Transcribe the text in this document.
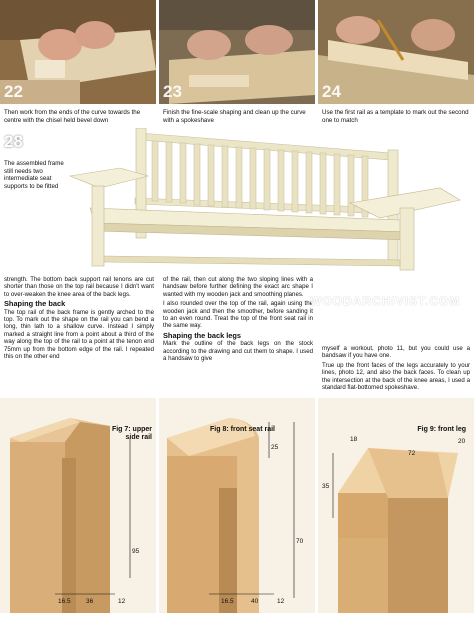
22	23	24
Then work from the ends of the curve towards the centre with the chisel held bevel down
Finish the fine-scale shaping and clean up the curve with a spokeshave
Use the first rail as a template to mark out the second one to match
28
The assembled frame still needs two intermediate seat supports to be fitted

strength. The bottom back support rail tenons are cut shorter than those on the top rail because I didn't want to over-weaken the knee area of the back legs.

Shaping the back

The top rail of the back frame is gently arched to the top. To mark out the shape on the rail you can bend a long, thin lath to a shallow curve. Instead I simply marked a straight line from a point about a third of the way along the top of the rail to a point at the tenon end 75mm up from the bottom edge of the rail. I repeated this on the other end

of the rail, then cut along the two sloping lines with a handsaw before further defining the exact arc shape I wanted with my wooden jack and smoothing planes.

I also rounded over the top of the rail, again using the wooden jack and then the smoother, before sanding it to an even round. Treat the top of the front seat rail in the same way.

Shaping the back legs

Mark the outline of the back legs on the stock according to the drawing and cut them to shape. I used a handsaw to give

myself a workout, photo 11, but you could use a bandsaw if you have one.

True up the front faces of the legs accurately to your lines, photo 12, and also the back faces. To clean up the intersection at the back of the knee areas, I used a standard flat-bottomed spokeshave.

WOODARCHIVIST.COM
Fig 7: upper
side rail
95
16.5 36	12
Fig 8: front seat rail
25
70
16.5	40	12
Fig 9: front leg
18
72
20
35
